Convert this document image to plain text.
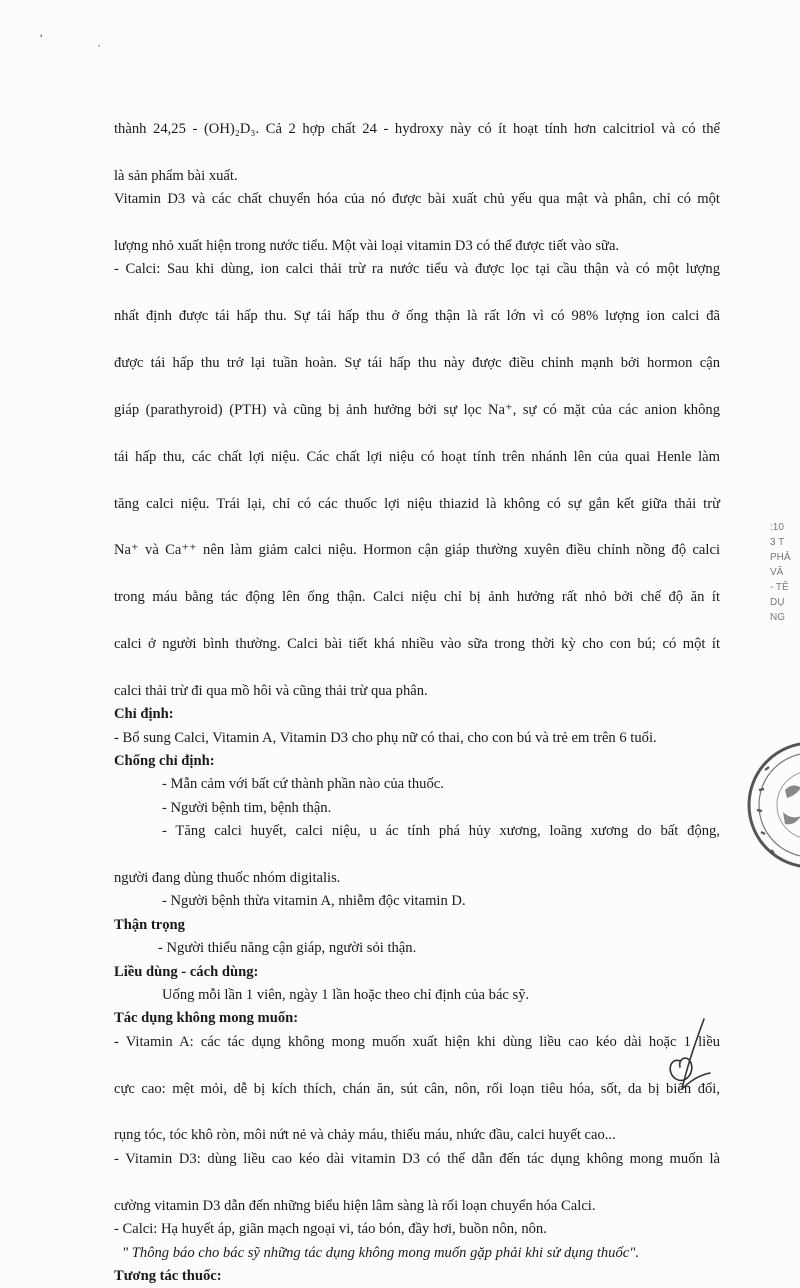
'	·

thành 24,25 - (OH)₂D₃. Cả 2 hợp chất 24 - hydroxy này có ít hoạt tính hơn calcitriol và có thể

là sản phẩm bài xuất.

Vitamin D3 và các chất chuyển hóa của nó được bài xuất chủ yếu qua mật và phân, chỉ có một

lượng nhỏ xuất hiện trong nước tiểu. Một vài loại vitamin D3 có thể được tiết vào sữa.

- Calci: Sau khi dùng, ion calci thải trừ ra nước tiểu và được lọc tại cầu thận và có một lượng

nhất định được tái hấp thu. Sự tái hấp thu ở ống thận là rất lớn vì có 98% lượng ion calci đã

được tái hấp thu trở lại tuần hoàn. Sự tái hấp thu này được điều chỉnh mạnh bởi hormon cận

giáp (parathyroid) (PTH) và cũng bị ảnh hưởng bởi sự lọc Na⁺, sự có mặt của các anion không

tái hấp thu, các chất lợi niệu. Các chất lợi niệu có hoạt tính trên nhánh lên của quai Henle làm

tăng calci niệu. Trái lại, chỉ có các thuốc lợi niệu thiazid là không có sự gắn kết giữa thải trừ

Na⁺ và Ca⁺⁺ nên làm giảm calci niệu. Hormon cận giáp thường xuyên điều chỉnh nồng độ calci

trong máu bằng tác động lên ống thận. Calci niệu chỉ bị ảnh hưởng rất nhỏ bởi chế độ ăn ít

calci ở người bình thường. Calci bài tiết khá nhiều vào sữa trong thời kỳ cho con bú; có một ít

calci thải trừ đi qua mồ hôi và cũng thải trừ qua phân.

Chỉ định:

- Bổ sung Calci, Vitamin A, Vitamin D3 cho phụ nữ có thai, cho con bú và trẻ em trên 6 tuổi.

Chống chỉ định:

- Mẫn cảm với bất cứ thành phần nào của thuốc.

- Người bệnh tim, bệnh thận.

- Tăng calci huyết, calci niệu, u ác tính phá hủy xương, loãng xương do bất động,

người đang dùng thuốc nhóm digitalis.

- Người bệnh thừa vitamin A, nhiễm độc vitamin D.

Thận trọng

- Người thiểu năng cận giáp, người sỏi thận.

Liều dùng - cách dùng:

Uống mỗi lần 1 viên, ngày 1 lần hoặc theo chỉ định của bác sỹ.

Tác dụng không mong muốn:

- Vitamin A: các tác dụng không mong muốn xuất hiện khi dùng liều cao kéo dài hoặc 1 liều

cực cao: mệt mỏi, dễ bị kích thích, chán ăn, sút cân, nôn, rối loạn tiêu hóa, sốt, da bị biến đổi,

rụng tóc, tóc khô ròn, môi nứt nẻ và chảy máu, thiếu máu, nhức đầu, calci huyết cao...

- Vitamin D3: dùng liều cao kéo dài vitamin D3 có thể dẫn đến tác dụng không mong muốn là

cường vitamin D3 dẫn đến những biểu hiện lâm sàng là rối loạn chuyển hóa Calci.

- Calci: Hạ huyết áp, giãn mạch ngoại vi, táo bón, đầy hơi, buồn nôn, nôn.

" Thông báo cho bác sỹ những tác dụng không mong muốn gặp phải khi sử dụng thuốc".

Tương tác thuốc:

:10
3 T
PHẢ
VĂ
- TÊ
DỤ
NG
